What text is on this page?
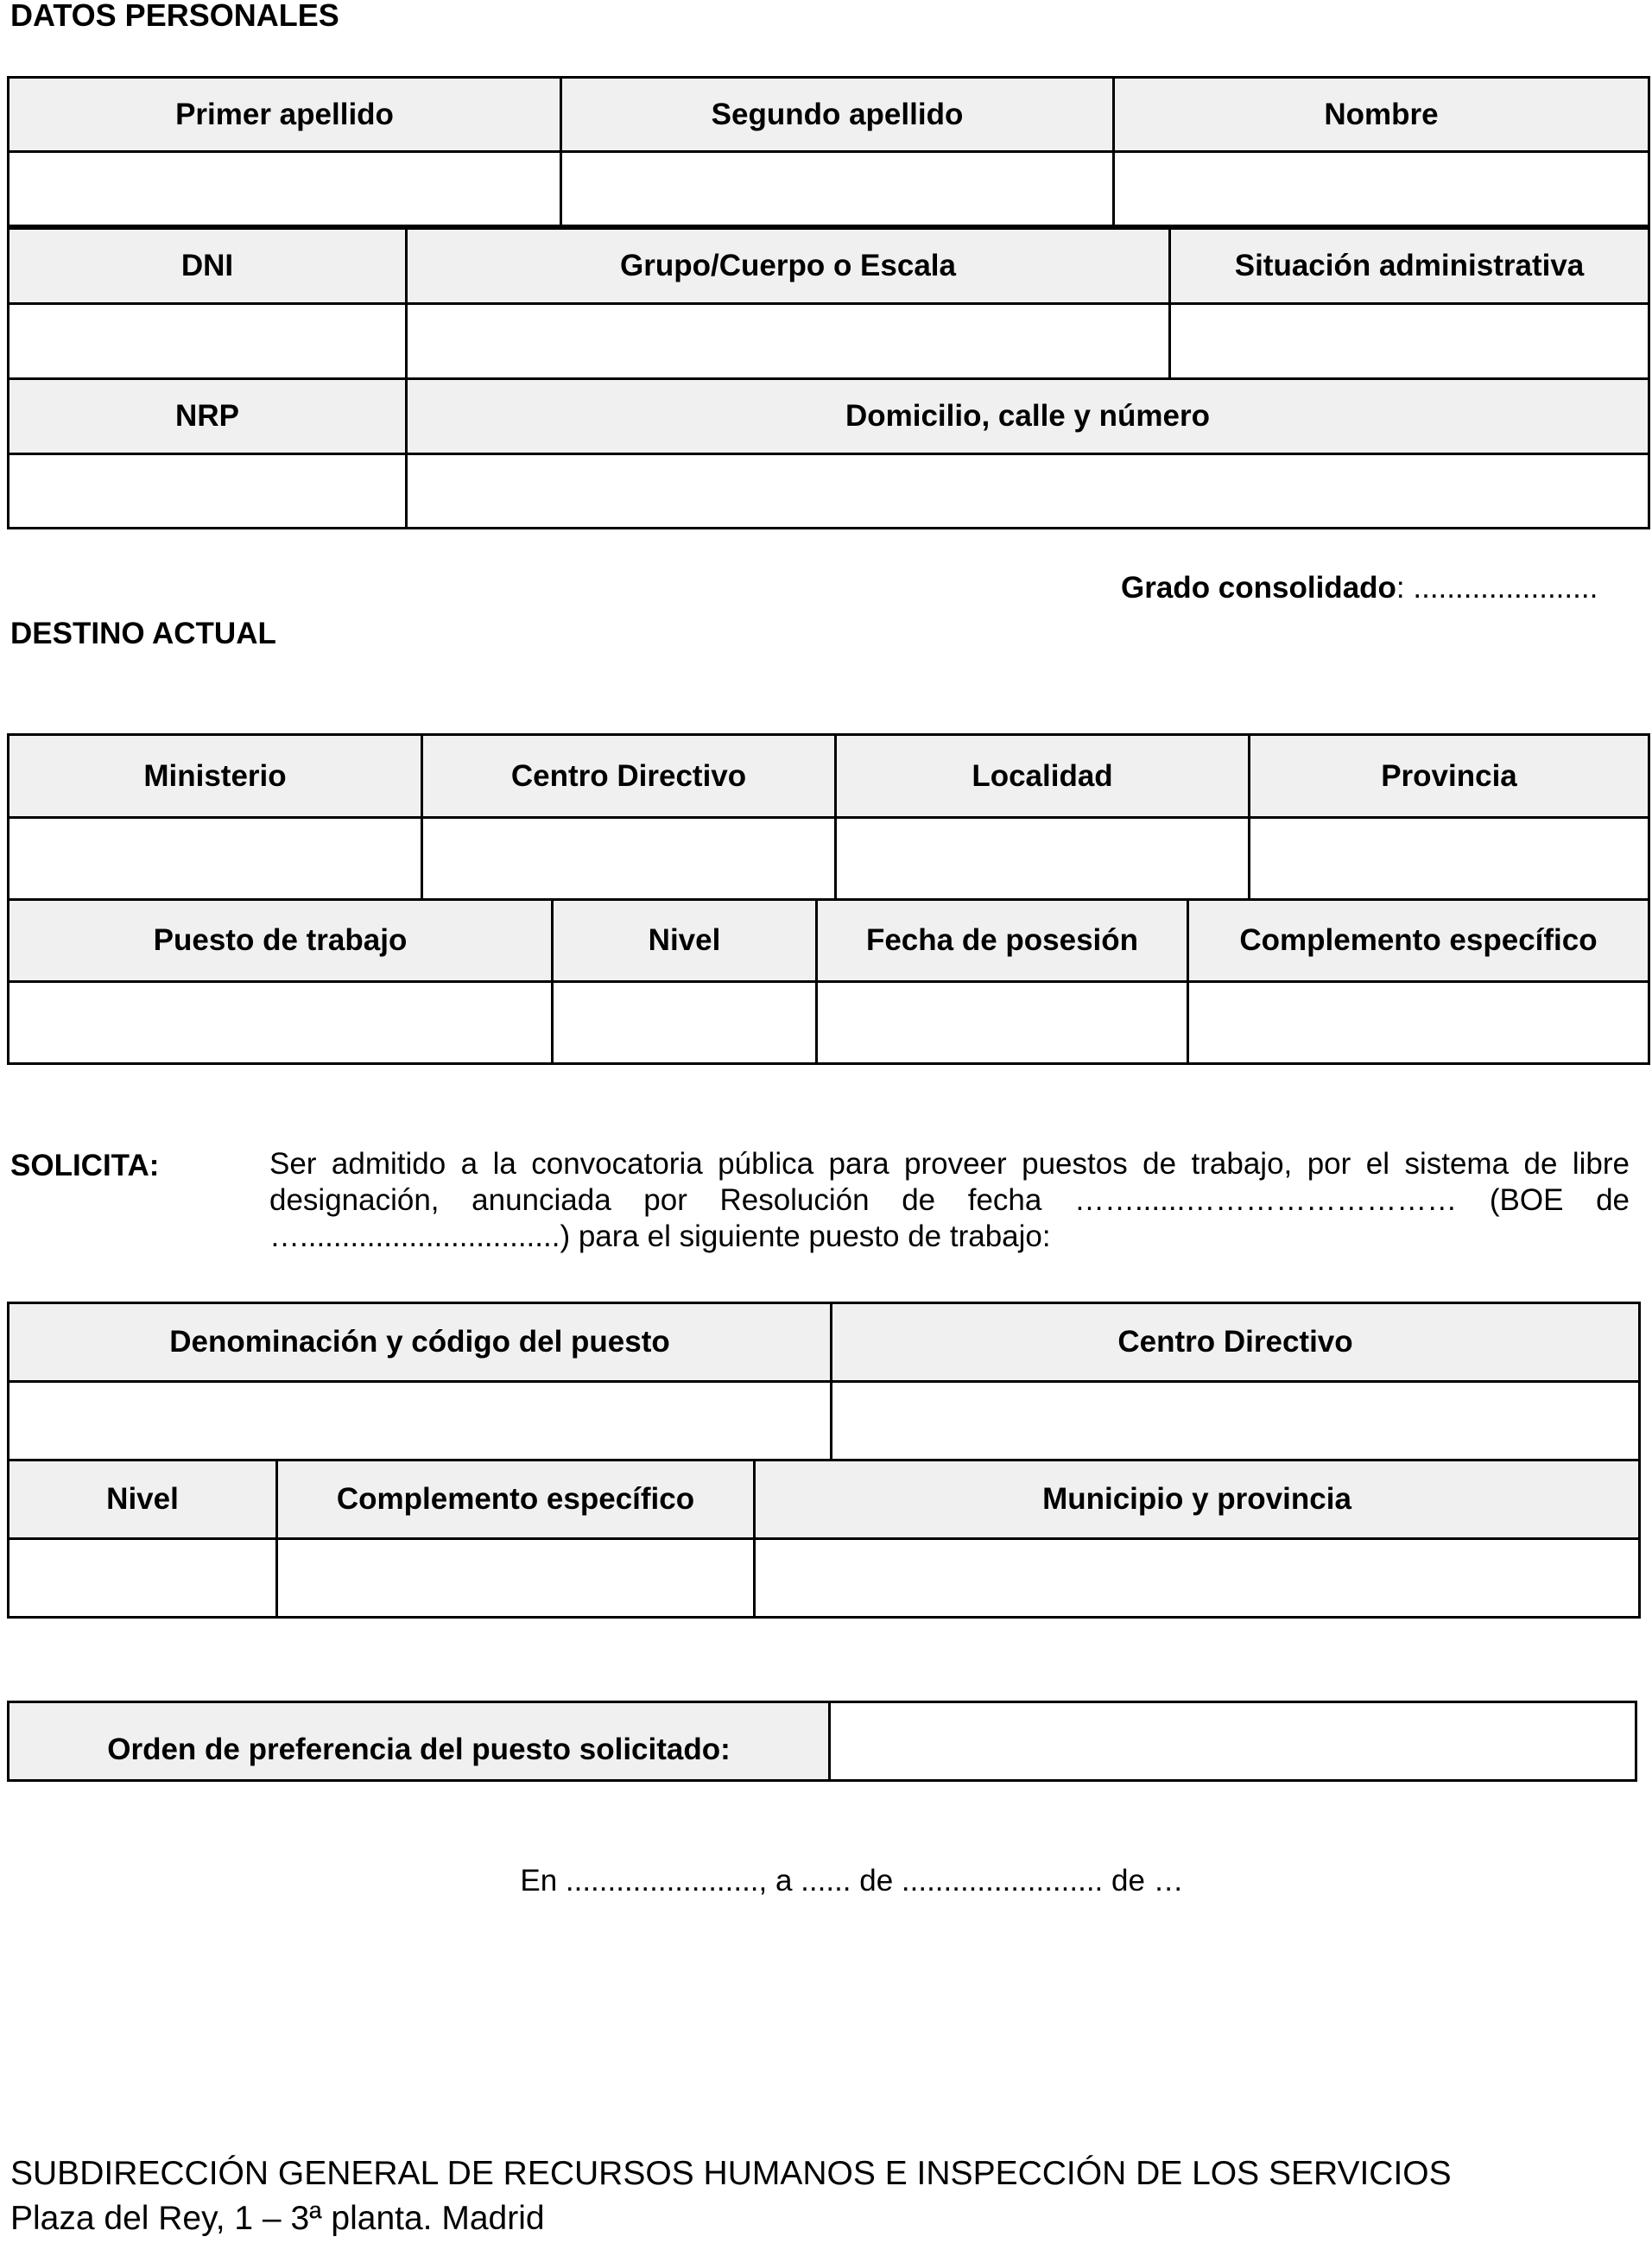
DATOS PERSONALES
Primer apellido	Segundo apellido	Nombre

DNI	Grupo/Cuerpo o Escala	Situación administrativa

NRP	Domicilio, calle y número

Grado consolidado: ......................
DESTINO ACTUAL
Ministerio	Centro Directivo	Localidad	Provincia

Puesto de trabajo	Nivel	Fecha de posesión	Complemento específico

SOLICITA:	Ser admitido a la convocatoria pública para proveer puestos de trabajo, por el sistema de libre designación, anunciada por Resolución de fecha ……......……………………… (BOE de …...............................) para el siguiente puesto de trabajo:
Denominación y código del puesto	Centro Directivo

Nivel	Complemento específico	Municipio y provincia

Orden de preferencia del puesto solicitado:	
En ......................., a ...... de ........................ de …
SUBDIRECCIÓN GENERAL DE RECURSOS HUMANOS E INSPECCIÓN DE LOS SERVICIOS
Plaza del Rey, 1 – 3ª planta. Madrid
